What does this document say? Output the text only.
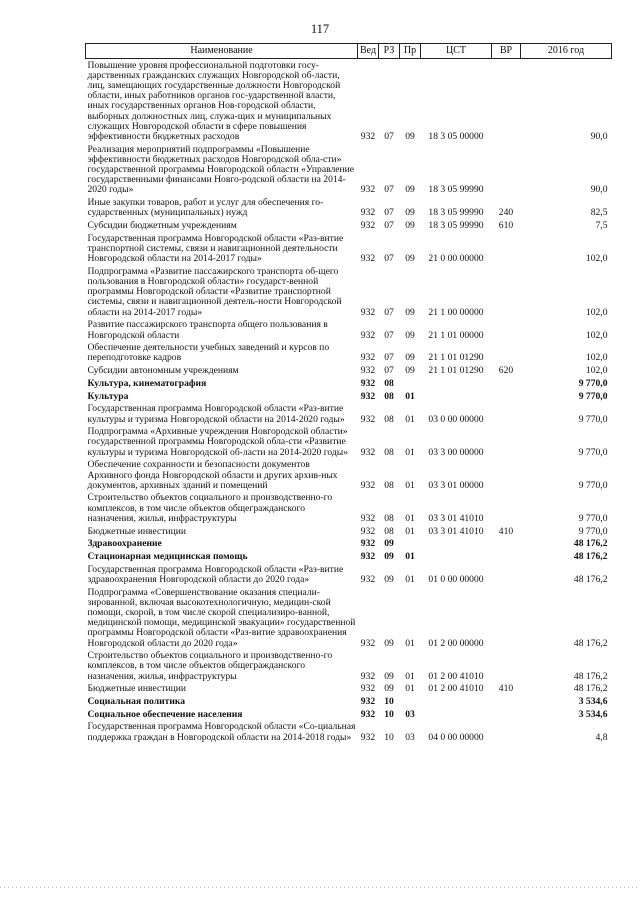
117
Наименование	Вед	РЗ	Пр	ЦСТ	ВР	2016 год
Повышение уровня профессиональной подготовки госу-дарственных гражданских служащих Новгородской об-ласти, лиц, замещающих государственные должности Новгородской области, иных работников органов гос-ударственной власти, иных государственных органов Нов-городской области, выборных должностных лиц, служа-щих и муниципальных служащих Новгородской области в сфере повышения эффективности бюджетных расходов	932	07	09	18 3 05 00000		90,0
Реализация мероприятий подпрограммы «Повышение эффективности бюджетных расходов Новгородской обла-сти» государственной программы Новгородской областн «Управление государственными финансами Новго-родской области на 2014-2020 годы»	932	07	09	18 3 05 99990		90,0
Иные закупки товаров, работ и услуг для обеспечения го-сударственных (муниципальных) нужд	932	07	09	18 3 05 99990	240	82,5
Субсидии бюджетным учреждениям	932	07	09	18 3 05 99990	610	7,5
Государственная программа Новгородской области «Раз-витие транспортной системы, связи и навигационной деятельности Новгородской области на 2014-2017 годы»	932	07	09	21 0 00 00000		102,0
Подпрограмма «Развитие пассажирского транспорта об-щего пользования в Новгородской области» государст-венной программы Новгородской области «Развитие транспортной системы, связи и навигационной деятель-ности Новгородской области на 2014-2017 годы»	932	07	09	21 1 00 00000		102,0
Развитие пассажирского транспорта общего пользования в Новгородской области	932	07	09	21 1 01 00000		102,0
Обеспечение деятельности учебных заведений и курсов по переподготовке кадров	932	07	09	21 1 01 01290		102,0
Субсидии автономным учреждениям	932	07	09	21 1 01 01290	620	102,0
Культура, кинематография	932	08				9 770,0
Культура	932	08	01			9 770,0
Государственная программа Новгородской области «Раз-витие культуры и туризма Новгородской области на 2014-2020 годы»	932	08	01	03 0 00 00000		9 770,0
Подпрограмма «Архивные учреждения Новгородской области» государственной программы Новгородской обла-сти «Развитие культуры и туризма Новгородской об-ласти на 2014-2020 годы»	932	08	01	03 3 00 00000		9 770,0
Обеспечение сохранности и безопасности документов Архивного фонда Новгородской области и других архив-ных документов, архивных зданий и помещений	932	08	01	03 3 01 00000		9 770,0
Строительство объектов социального и производственно-го комплексов, в том числе объектов общегражданского назначения, жилья, инфраструктуры	932	08	01	03 3 01 41010		9 770,0
Бюджетные инвестиции	932	08	01	03 3 01 41010	410	9 770,0
Здравоохранение	932	09				48 176,2
Стационарная медицинская помощь	932	09	01			48 176,2
Государственная программа Новгородской области «Раз-витие здравоохранения Новгородской области до 2020 года»	932	09	01	01 0 00 00000		48 176,2
Подпрограмма «Совершенствование оказания специали-зированной, включая высокотехнологичную, медицин-ской помощи, скорой, в том числе скорой специализиро-ванной, медицинской помощи, медицинской эвакуации» государственной программы Новгородской области «Раз-витие здравоохранения Новгородской области до 2020 года»	932	09	01	01 2 00 00000		48 176,2
Строительство объектов социального и производственно-го комплексов, в том числе объектов общегражданского назначения, жилья, инфраструктуры	932	09	01	01 2 00 41010		48 176,2
Бюджетные инвестиции	932	09	01	01 2 00 41010	410	48 176,2
Социальная политика	932	10				3 534,6
Социальное обеспечение населения	932	10	03			3 534,6
Государственная программа Новгородской области «Со-циальная поддержка граждан в Новгородской области на 2014-2018 годы»	932	10	03	04 0 00 00000		4,8
